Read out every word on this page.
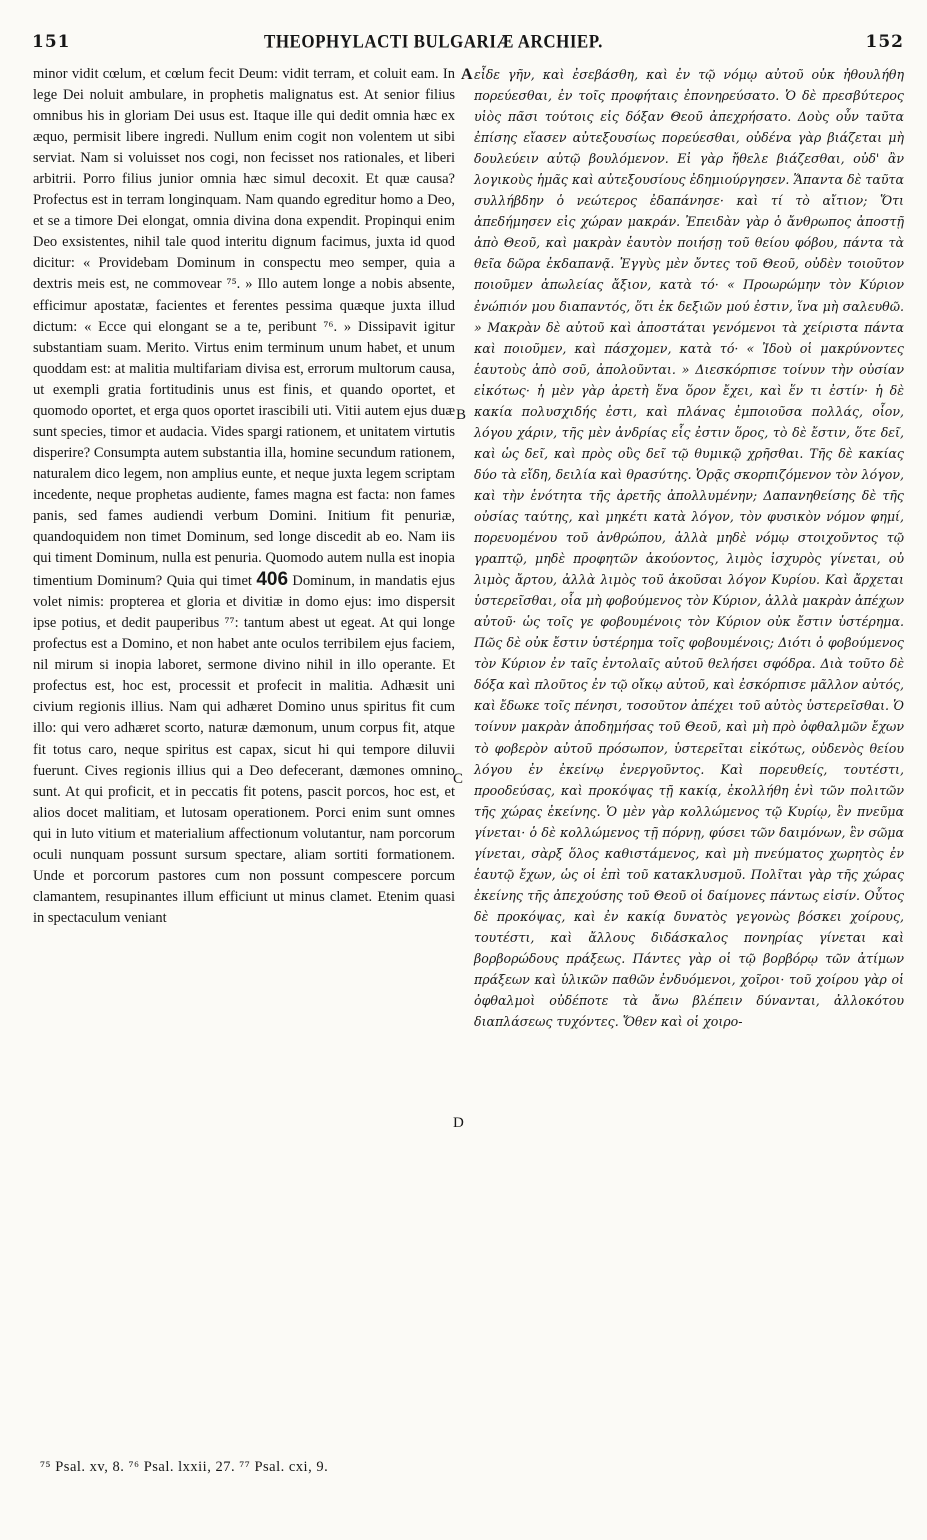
151	THEOPHYLACTI BULGARIÆ ARCHIEP.	152

minor vidit cœlum, et cœlum fecit Deum: vidit terram, et coluit eam. In lege Dei noluit ambulare, in prophetis malignatus est. At senior filius omnibus his in gloriam Dei usus est. Itaque ille qui dedit omnia hæc ex æquo, permisit libere ingredi. Nullum enim cogit non volentem ut sibi serviat. Nam si voluisset nos cogi, non fecisset nos rationales, et liberi arbitrii. Porro filius junior omnia hæc simul decoxit. Et quæ causa? Profectus est in terram longinquam. Nam quando egreditur homo a Deo, et se a timore Dei elongat, omnia divina dona expendit. Propinqui enim Deo exsistentes, nihil tale quod interitu dignum facimus, juxta id quod dicitur: « Providebam Dominum in conspectu meo semper, quia a dextris meis est, ne commovear ⁷⁵. » Illo autem longe a nobis absente, efficimur apostatæ, facientes et ferentes pessima quæque juxta illud dictum: « Ecce qui elongant se a te, peribunt ⁷⁶. » Dissipavit igitur substantiam suam. Merito. Virtus enim terminum unum habet, et unum quoddam est: at malitia multifariam divisa est, errorum multorum causa, ut exempli gratia fortitudinis unus est finis, et quando oportet, et quomodo oportet, et erga quos oportet irascibili uti. Vitii autem ejus duæ sunt species, timor et audacia. Vides spargi rationem, et unitatem virtutis disperire? Consumpta autem substantia illa, homine secundum rationem, naturalem dico legem, non amplius eunte, et neque juxta legem scriptam incedente, neque prophetas audiente, fames magna est facta: non fames panis, sed fames audiendi verbum Domini. Initium fit penuriæ, quandoquidem non timet Dominum, sed longe discedit ab eo. Nam iis qui timent Dominum, nulla est penuria. Quomodo autem nulla est inopia timentium Dominum? Quia qui timet 406 Dominum, in mandatis ejus volet nimis: propterea et gloria et divitiæ in domo ejus: imo dispersit ipse potius, et dedit pauperibus ⁷⁷: tantum abest ut egeat. At qui longe profectus est a Domino, et non habet ante oculos terribilem ejus faciem, nil mirum si inopia laboret, sermone divino nihil in illo operante. Et profectus est, hoc est, processit et profecit in malitia. Adhæsit uni civium regionis illius. Nam qui adhæret Domino unus spiritus fit cum illo: qui vero adhæret scorto, naturæ dæmonum, unum corpus fit, atque fit totus caro, neque spiritus est capax, sicut hi qui tempore diluvii fuerunt. Cives regionis illius qui a Deo defecerant, dæmones omnino sunt. At qui proficit, et in peccatis fit potens, pascit porcos, hoc est, et alios docet malitiam, et lutosam operationem. Porci enim sunt omnes qui in luto vitium et materialium affectionum volutantur, nam porcorum oculi nunquam possunt sursum spectare, aliam sortiti formationem. Unde et porcorum pastores cum non possunt compescere porcum clamantem, resupinantes illum efficiunt ut minus clamet. Etenim quasi in spectaculum veniant

A
B
C
D

εἶδε γῆν, καὶ ἐσεβάσθη, καὶ ἐν τῷ νόμῳ αὐτοῦ οὐκ ἠθουλήθη πορεύεσθαι, ἐν τοῖς προφήταις ἐπονηρεύσατο. Ὁ δὲ πρεσβύτερος υἱὸς πᾶσι τούτοις εἰς δόξαν Θεοῦ ἀπεχρήσατο. Δοὺς οὖν ταῦτα ἐπίσης εἴασεν αὐτεξουσίως πορεύεσθαι, οὐδένα γὰρ βιάζεται μὴ δουλεύειν αὐτῷ βουλόμενον. Εἰ γὰρ ἤθελε βιάζεσθαι, οὐδ' ἂν λογικοὺς ἡμᾶς καὶ αὐτεξουσίους ἐδημιούργησεν. Ἅπαντα δὲ ταῦτα συλλήβδην ὁ νεώτερος ἐδαπάνησε· καὶ τί τὸ αἴτιον; Ὅτι ἀπεδήμησεν εἰς χώραν μακράν. Ἐπειδὰν γὰρ ὁ ἄνθρωπος ἀποστῇ ἀπὸ Θεοῦ, καὶ μακρὰν ἑαυτὸν ποιήσῃ τοῦ θείου φόβου, πάντα τὰ θεῖα δῶρα ἐκδαπανᾷ. Ἐγγὺς μὲν ὄντες τοῦ Θεοῦ, οὐδὲν τοιοῦτον ποιοῦμεν ἀπωλείας ἄξιον, κατὰ τό· « Προωρώμην τὸν Κύριον ἐνώπιόν μου διαπαντός, ὅτι ἐκ δεξιῶν μού ἐστιν, ἵνα μὴ σαλευθῶ. » Μακρὰν δὲ αὐτοῦ καὶ ἀποστάται γενόμενοι τὰ χείριστα πάντα καὶ ποιοῦμεν, καὶ πάσχομεν, κατὰ τό· « Ἰδοὺ οἱ μακρύνοντες ἑαυτοὺς ἀπὸ σοῦ, ἀπολοῦνται. » Διεσκόρπισε τοίνυν τὴν οὐσίαν εἰκότως· ἡ μὲν γὰρ ἀρετὴ ἕνα ὅρον ἔχει, καὶ ἕν τι ἐστίν· ἡ δὲ κακία πολυσχιδής ἐστι, καὶ πλάνας ἐμποιοῦσα πολλάς, οἷον, λόγου χάριν, τῆς μὲν ἀνδρίας εἷς ἐστιν ὅρος, τὸ δὲ ἔστιν, ὅτε δεῖ, καὶ ὡς δεῖ, καὶ πρὸς οὓς δεῖ τῷ θυμικῷ χρῆσθαι. Τῆς δὲ κακίας δύο τὰ εἴδη, δειλία καὶ θρασύτης. Ὁρᾷς σκορπιζόμενον τὸν λόγον, καὶ τὴν ἑνότητα τῆς ἀρετῆς ἀπολλυμένην; Δαπανηθείσης δὲ τῆς οὐσίας ταύτης, καὶ μηκέτι κατὰ λόγον, τὸν φυσικὸν νόμον φημί, πορευομένου τοῦ ἀνθρώπου, ἀλλὰ μηδὲ νόμῳ στοιχοῦντος τῷ γραπτῷ, μηδὲ προφητῶν ἀκούοντος, λιμὸς ἰσχυρὸς γίνεται, οὐ λιμὸς ἄρτου, ἀλλὰ λιμὸς τοῦ ἀκοῦσαι λόγον Κυρίου. Καὶ ἄρχεται ὑστερεῖσθαι, οἷα μὴ φοβούμενος τὸν Κύριον, ἀλλὰ μακρὰν ἀπέχων αὐτοῦ· ὡς τοῖς γε φοβουμένοις τὸν Κύριον οὐκ ἔστιν ὑστέρημα. Πῶς δὲ οὐκ ἔστιν ὑστέρημα τοῖς φοβουμένοις; Διότι ὁ φοβούμενος τὸν Κύριον ἐν ταῖς ἐντολαῖς αὐτοῦ θελήσει σφόδρα. Διὰ τοῦτο δὲ δόξα καὶ πλοῦτος ἐν τῷ οἴκῳ αὐτοῦ, καὶ ἐσκόρπισε μᾶλλον αὐτός, καὶ ἔδωκε τοῖς πένησι, τοσοῦτον ἀπέχει τοῦ αὐτὸς ὑστερεῖσθαι. Ὁ τοίνυν μακρὰν ἀποδημήσας τοῦ Θεοῦ, καὶ μὴ πρὸ ὀφθαλμῶν ἔχων τὸ φοβερὸν αὐτοῦ πρόσωπον, ὑστερεῖται εἰκότως, οὐδενὸς θείου λόγου ἐν ἐκείνῳ ἐνεργοῦντος. Καὶ πορευθείς, τουτέστι, προοδεύσας, καὶ προκόψας τῇ κακίᾳ, ἐκολλήθη ἑνὶ τῶν πολιτῶν τῆς χώρας ἐκείνης. Ὁ μὲν γὰρ κολλώμενος τῷ Κυρίῳ, ἓν πνεῦμα γίνεται· ὁ δὲ κολλώμενος τῇ πόρνῃ, φύσει τῶν δαιμόνων, ἓν σῶμα γίνεται, σὰρξ ὅλος καθιστάμενος, καὶ μὴ πνεύματος χωρητὸς ἐν ἑαυτῷ ἔχων, ὡς οἱ ἐπὶ τοῦ κατακλυσμοῦ. Πολῖται γὰρ τῆς χώρας ἐκείνης τῆς ἀπεχούσης τοῦ Θεοῦ οἱ δαίμονες πάντως εἰσίν. Οὗτος δὲ προκόψας, καὶ ἐν κακίᾳ δυνατὸς γεγονὼς βόσκει χοίρους, τουτέστι, καὶ ἄλλους διδάσκαλος πονηρίας γίνεται καὶ βορβορώδους πράξεως. Πάντες γὰρ οἱ τῷ βορβόρῳ τῶν ἀτίμων πράξεων καὶ ὑλικῶν παθῶν ἐνδυόμενοι, χοῖροι· τοῦ χοίρου γὰρ οἱ ὀφθαλμοὶ οὐδέποτε τὰ ἄνω βλέπειν δύνανται, ἀλλοκότου διαπλάσεως τυχόντες. Ὅθεν καὶ οἱ χοιρο-

⁷⁵ Psal. xv, 8. ⁷⁶ Psal. lxxii, 27. ⁷⁷ Psal. cxi, 9.
